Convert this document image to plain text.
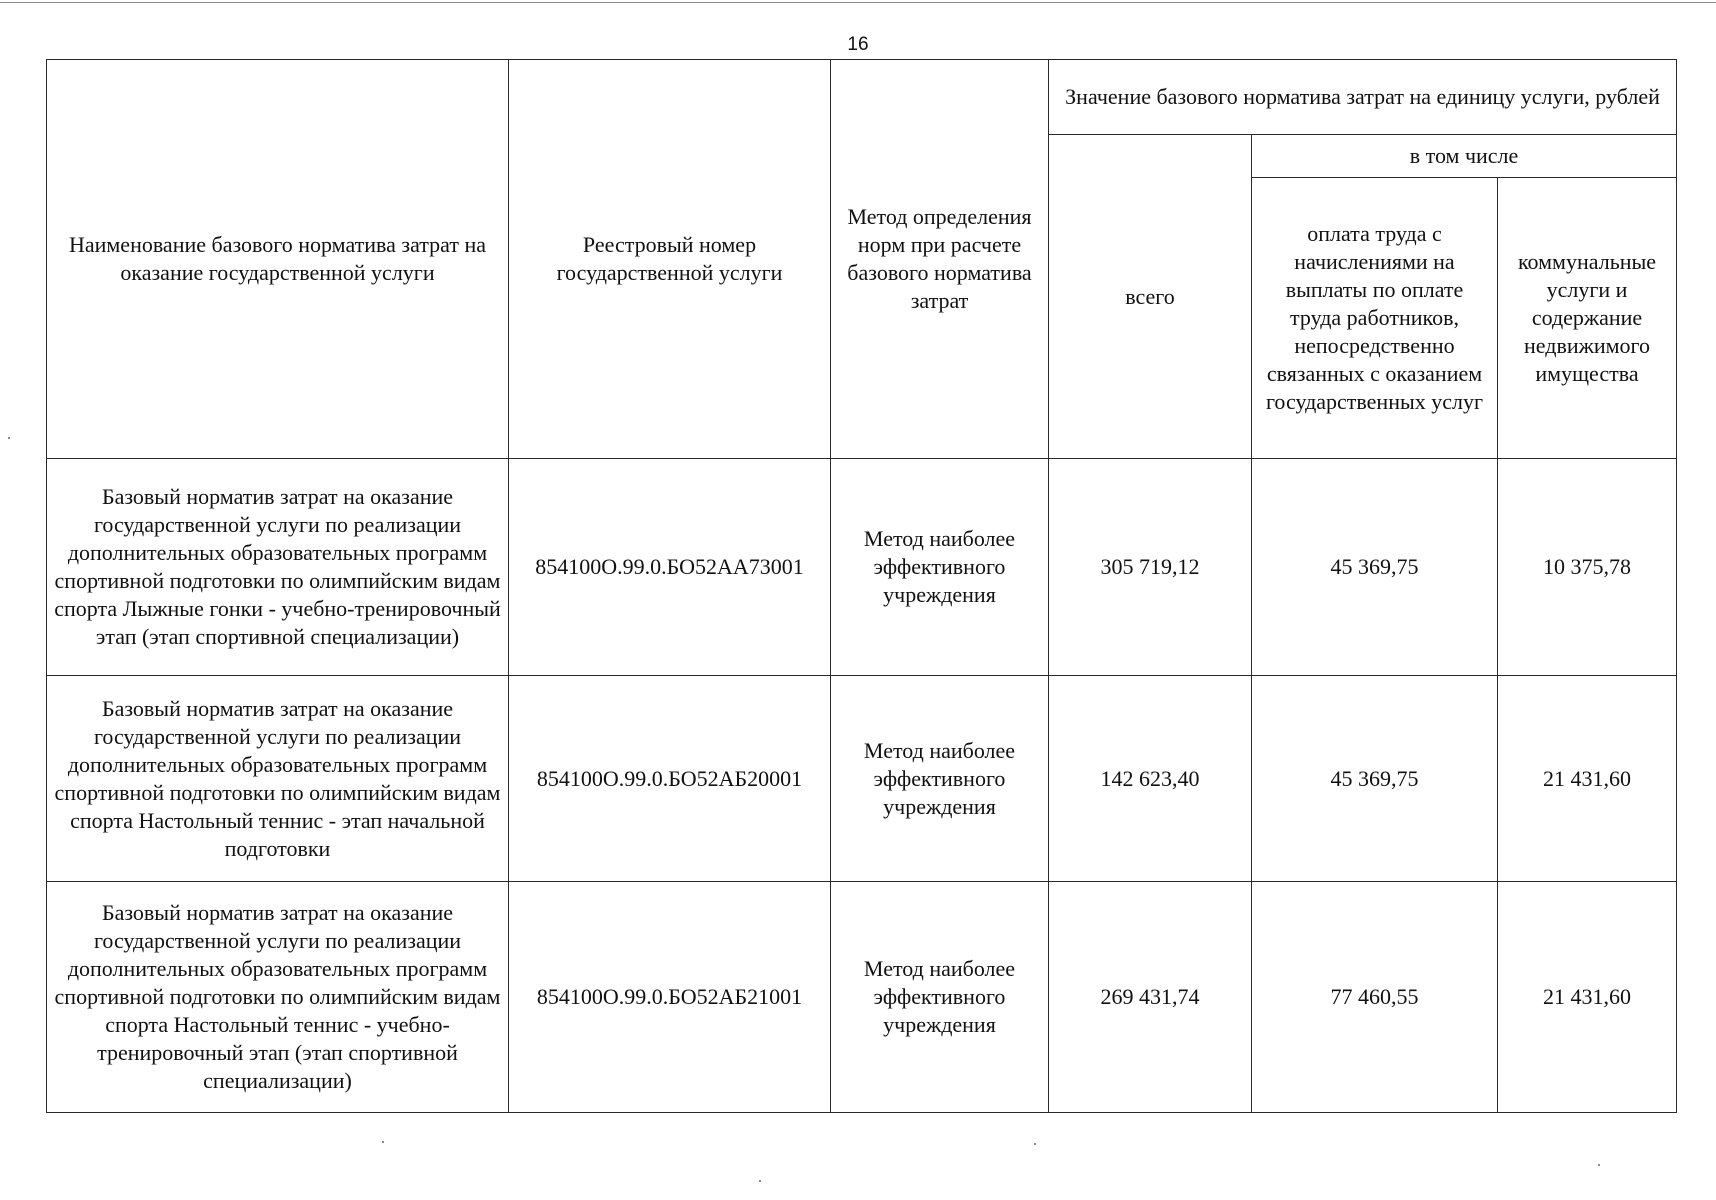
16
Наименование базового норматива затрат на оказание государственной услуги	Реестровый номер государственной услуги	Метод определения норм при расчете базового норматива затрат	Значение базового норматива затрат на единицу услуги, рублей		
			всего	в том числе	
				оплата труда с начислениями на выплаты по оплате труда работников, непосредственно связанных с оказанием государственных услуг	коммунальные услуги и содержание недвижимого имущества
Базовый норматив затрат на оказание государственной услуги по реализации дополнительных образовательных программ спортивной подготовки по олимпийским видам спорта Лыжные гонки - учебно-тренировочный этап (этап спортивной специализации)	854100О.99.0.БО52АА73001	Метод наиболее эффективного учреждения	305 719,12	45 369,75	10 375,78
Базовый норматив затрат на оказание государственной услуги по реализации дополнительных образовательных программ спортивной подготовки по олимпийским видам спорта Настольный теннис - этап начальной подготовки	854100О.99.0.БО52АБ20001	Метод наиболее эффективного учреждения	142 623,40	45 369,75	21 431,60
Базовый норматив затрат на оказание государственной услуги по реализации дополнительных образовательных программ спортивной подготовки по олимпийским видам спорта Настольный теннис - учебно-тренировочный этап (этап спортивной специализации)	854100О.99.0.БО52АБ21001	Метод наиболее эффективного учреждения	269 431,74	77 460,55	21 431,60
